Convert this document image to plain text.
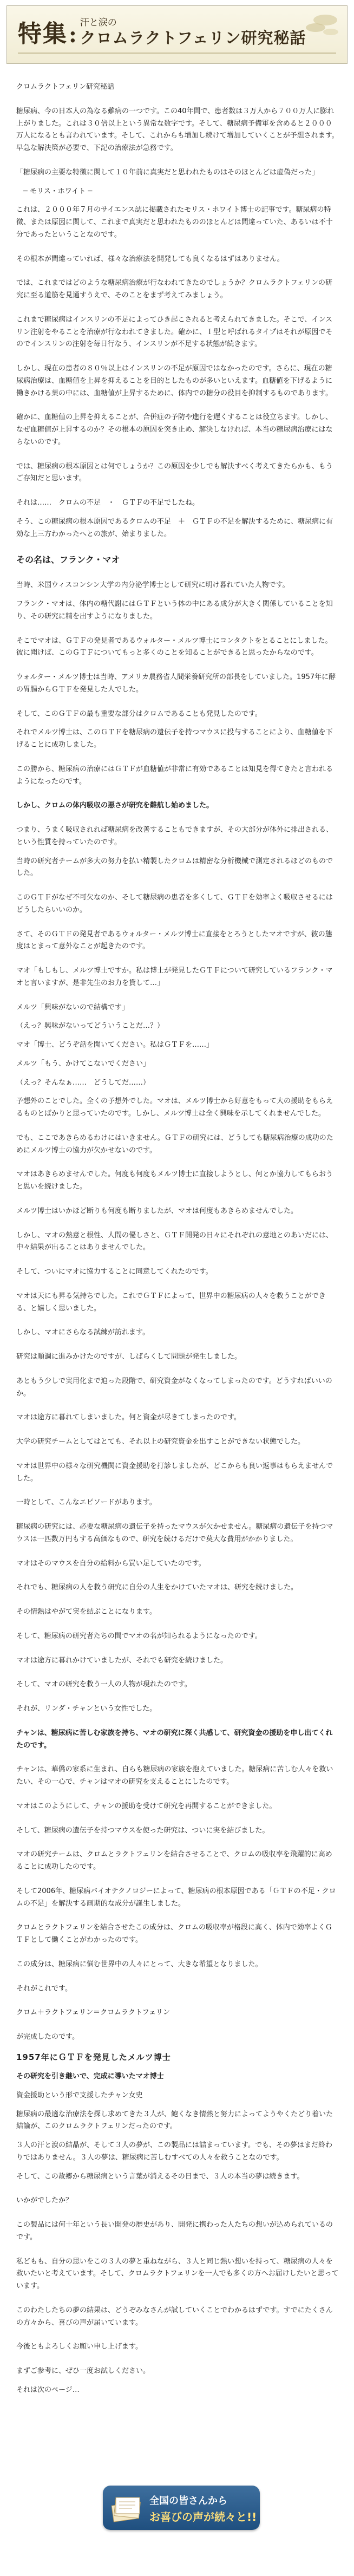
特集 : 汗と涙の
クロムラクトフェリン研究秘話

クロムラクトフェリン研究秘話

糖尿病、今の日本人の為なる難病の一つです。この40年間で、患者数は３万人から７００万人に膨れ上がりました。これは３０倍以上という異常な数字です。そして、糖尿病予備軍を含めると２０００万人になるとも言われています。そして、これからも増加し続けて増加していくことが予想されます。早急な解決策が必要で、下記の治療法が急務です。

「糖尿病の主要な特徴に関して１０年前に真実だと思われたものはそのほとんどは虚偽だった」

　─ モリス・ホワイト ─

これは、２０００年７月のサイエンス誌に掲載されたモリス・ホワイト博士の記事です。糖尿病の特徴、または原因に関して、これまで真実だと思われたもののほとんどは間違っていた、あるいは不十分であったということなのです。

その根本が間違っていれば、様々な治療法を開発しても良くなるはずはありません。

では、これまではどのような糖尿病治療が行なわれてきたのでしょうか？クロムラクトフェリンの研究に至る道筋を見通すうえで、そのことをまず考えてみましょう。

これまで糖尿病はインスリンの不足によってひき起こされると考えられてきました。そこで、インスリン注射をやることを治療が行なわれてきました。確かに、Ｉ型と呼ばれるタイプはそれが原因でそのでインスリンの注射を毎日行なう、インスリンが不足する状態が続きます。

しかし、現在の患者の８０％以上はインスリンの不足が原因ではなかったのです。さらに、現在の糖尿病治療は、血糖値を上昇を抑えることを目的としたものが多いといえます。血糖値を下げるように働きかける薬の中には、血糖値が上昇するために、体内での糖分の役目を抑制するものであります。

確かに、血糖値の上昇を抑えることが、合併症の予防や進行を遅くすることは役立ちます。しかし、なぜ血糖値が上昇するのか？その根本の原因を突き止め、解決しなければ、本当の糖尿病治療にはならないのです。

では、糖尿病の根本原因とは何でしょうか？この原因を少しでも解決すべく考えてきたらかも、もうご存知だと思います。

それは……　クロムの不足　・　ＧＴＦの不足でしたね。

そう、この糖尿病の根本原因であるクロムの不足　＋　ＧＴＦの不足を解決するために、糖尿病に有効な上三方わかったへとの旅が、始まりました。

その名は、フランク・マオ

当時、米国ウィスコンシン大学の内分泌学博士として研究に明け暮れていた人物です。

フランク・マオは、体内の糖代謝にはＧＴＦという体の中にある成分が大きく関係していることを知り、その研究に精を出すようになりました。

そこでマオは、ＧＴＦの発見者であるウォルター・メルツ博士にコンタクトをとることにしました。彼に聞けば、このＧＴＦについてもっと多くのことを知ることができると思ったからなのです。

ウォルター・メルツ博士は当時、アメリカ農務省人間栄養研究所の部長をしていました。1957年に酵の胃腸からＧＴＦを発見した人でした。

そして、このＧＴＦの最も重要な部分はクロムであることも発見したのです。

それでメルツ博士は、このＧＴＦを糖尿病の遺伝子を持つマウスに投与することにより、血糖値を下げることに成功しました。

この勝から、糖尿病の治療にはＧＴＦが血糖値が非常に有効であることは知見を得てきたと言われるようになったのです。

しかし、クロムの体内吸収の悪さが研究を難航し始めました。

つまり、うまく吸収されれば糖尿病を改善することもできますが、その大部分が体外に排出される、という性質を持っていたのです。

当時の研究者チームが多大の努力を払い精製したクロムは精密な分析機械で測定されるほどのものでした。

このＧＴＦがなぜ不可欠なのか、そして糖尿病の患者を多くして、ＧＴＦを効率よく吸収させるにはどうしたらいいのか。

さて、そのＧＴＦの発見者であるウォルター・メルツ博士に直接をとろうとしたマオですが、彼の態度はとまって意外なことが起きたのです。

マオ「もしもし、メルツ博士ですか。私は博士が発見したＧＴＦについて研究しているフランク・マオと言いますが、是非先生のお力を貸して…」

メルツ「興味がないので結構です」

（えっ？興味がないってどういうことだ…？）

マオ「博士、どうぞ話を聞いてください。私はＧＴＦを……」

メルツ「もう、かけてこないでください」

（えっ？そんなぁ……　どうしてだ……）

予想外のことでした。全くの予想外でした。マオは、メルツ博士から好意をもって大の援助をもらえるものとばかりと思っていたのです。しかし、メルツ博士は全く興味を示してくれませんでした。

でも、ここであきらめるわけにはいきません。ＧＴＦの研究には、どうしても糖尿病治療の成功のためにメルツ博士の協力が欠かせないのです。

マオはあきらめませんでした。何度も何度もメルツ博士に直接しようとし、何とか協力してもらおうと思いを続けました。

メルツ博士はいかほど断りも何度も断りましたが、マオは何度もあきらめませんでした。

しかし、マオの熱意と根性、人間の優しさと、ＧＴＦ開発の日々にそれぞれの意地とのあいだには、中々結果が出ることはありませんでした。

そして、ついにマオに協力することに同意してくれたのです。

マオは天にも昇る気持ちでした。これでＧＴＦによって、世界中の糖尿病の人々を救うことができる、と嬉しく思いました。

しかし、マオにさらなる試練が訪れます。

研究は順調に進みかけたのですが、しばらくして問題が発生しました。

あともう少しで実用化まで迫った段階で、研究資金がなくなってしまったのです。どうすればいいのか。

マオは途方に暮れてしまいました。何と資金が尽きてしまったのです。

大学の研究チームとしてはとても、それ以上の研究資金を出すことができない状態でした。

マオは世界中の様々な研究機関に資金援助を打診しましたが、どこからも良い返事はもらえませんでした。

一時として、こんなエピソードがあります。

糖尿病の研究には、必要な糖尿病の遺伝子を持ったマウスが欠かせません。糖尿病の遺伝子を持つマウスは一匹数万円もする高価なもので、研究を続けるだけで莫大な費用がかかりました。

マオはそのマウスを自分の給料から買い足していたのです。

それでも、糖尿病の人を救う研究に自分の人生をかけていたマオは、研究を続けました。

その情熱はやがて実を結ぶことになります。

そして、糖尿病の研究者たちの間でマオの名が知られるようになったのです。

マオは途方に暮れかけていましたが、それでも研究を続けました。

そして、マオの研究を救う一人の人物が現れたのです。

それが、リンダ・チャンという女性でした。

チャンは、糖尿病に苦しむ家族を持ち、マオの研究に深く共感して、研究資金の援助を申し出てくれたのです。

チャンは、華僑の家系に生まれ、自らも糖尿病の家族を抱えていました。糖尿病に苦しむ人々を救いたい、その一心で、チャンはマオの研究を支えることにしたのです。

マオはこのようにして、チャンの援助を受けて研究を再開することができました。

そして、糖尿病の遺伝子を持つマウスを使った研究は、ついに実を結びました。

マオの研究チームは、クロムとラクトフェリンを結合させることで、クロムの吸収率を飛躍的に高めることに成功したのです。

そして2006年、糖尿病バイオテクノロジーによって、糖尿病の根本原因である「ＧＴＦの不足・クロムの不足」を解決する画期的な成分が誕生しました。

クロムとラクトフェリンを結合させたこの成分は、クロムの吸収率が格段に高く、体内で効率よくＧＴＦとして働くことがわかったのです。

この成分は、糖尿病に悩む世界中の人々にとって、大きな希望となりました。

それがこれです。

クロム＋ラクトフェリン＝クロムラクトフェリン

が完成したのです。

1957年にＧＴＦを発見したメルツ博士

その研究を引き継いで、完成に導いたマオ博士

資金援助という形で支援したチャン女史

糖尿病の最適な治療法を探し求めてきた３人が、飽くなき情熱と努力によってようやくたどり着いた結論が、このクロムラクトフェリンだったのです。

３人の汗と涙の結晶が、そして３人の夢が、この製品には詰まっています。でも、その夢はまだ終わりではありません。３人の夢は、糖尿病に苦しむすべての人々を救うことなのです。

そして、この故郷から糖尿病という言葉が消えるその日まで、３人の本当の夢は続きます。

いかがでしたか？

この製品には何十年という長い開発の歴史があり、開発に携わった人たちの想いが込められているのです。

私どもも、自分の思いをこの３人の夢と重ねながら、３人と同じ熱い想いを持って、糖尿病の人々を救いたいと考えています。そして、クロムラクトフェリンを一人でも多くの方へお届けしたいと思っています。

このわたしたちの夢の結果は、どうぞみなさんが試していくことでわかるはずです。すでにたくさんの方々から、喜びの声が届いています。

今後ともよろしくお願い申し上げます。

まずご参考に、ぜひ一度お試しください。

それは次のページ…

全国の皆さんから
お喜びの声が続々と!!
